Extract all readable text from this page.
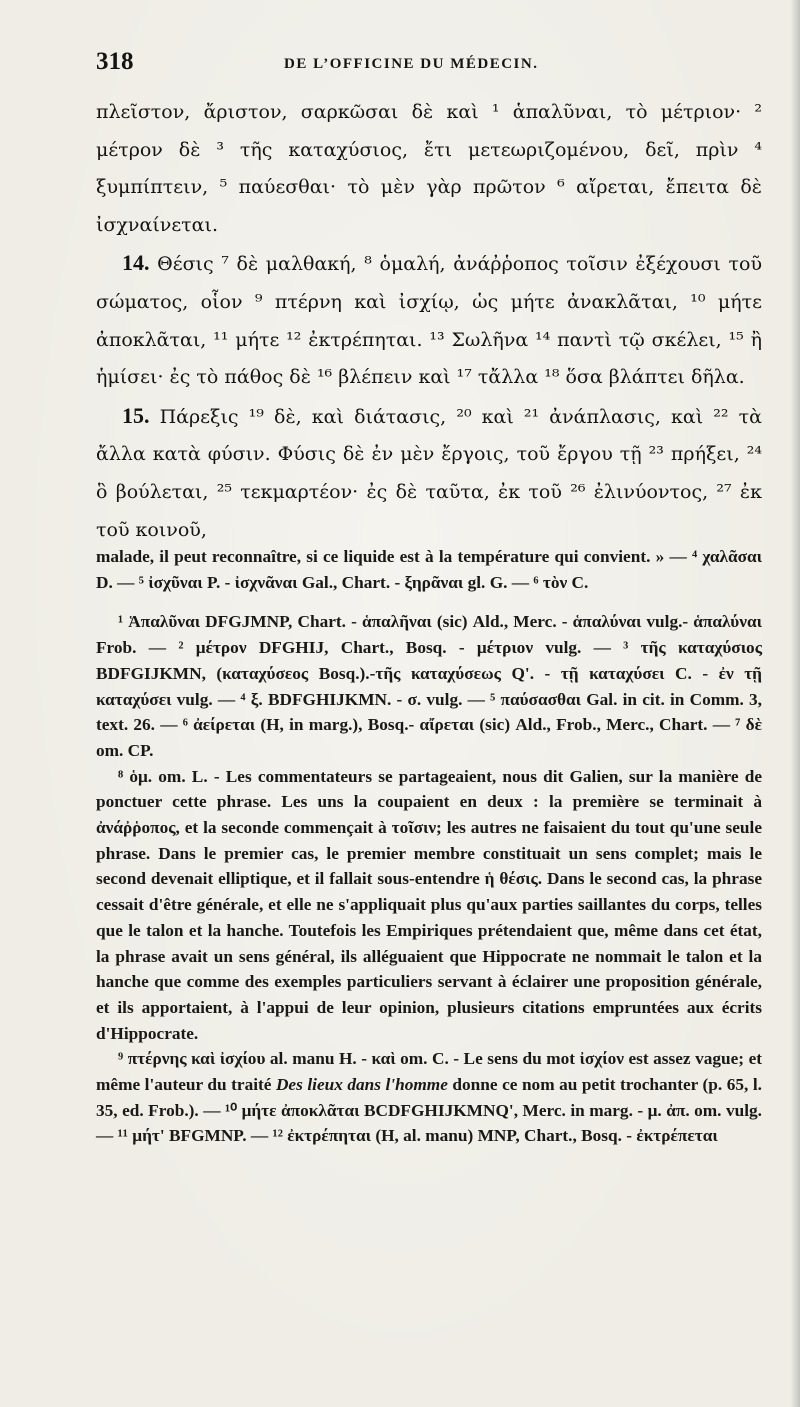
318	DE L’OFFICINE DU MÉDECIN.

πλεῖστον, ἄριστον, σαρκῶσαι δὲ καὶ ¹ ἁπαλῦναι, τὸ μέτριον· ² μέτρον δὲ ³ τῆς καταχύσιος, ἔτι μετεωριζομένου, δεῖ, πρὶν ⁴ ξυμπίπτειν, ⁵ παύεσθαι· τὸ μὲν γὰρ πρῶτον ⁶ αἴρεται, ἔπειτα δὲ ἰσχναίνεται.

14. Θέσις ⁷ δὲ μαλθακή, ⁸ ὁμαλή, ἀνάῤῥοπος τοῖσιν ἐξέχουσι τοῦ σώματος, οἷον ⁹ πτέρνη καὶ ἰσχίῳ, ὡς μήτε ἀνακλᾶται, ¹⁰ μήτε ἀποκλᾶται, ¹¹ μήτε ¹² ἐκτρέπηται. ¹³ Σωλῆνα ¹⁴ παντὶ τῷ σκέλει, ¹⁵ ἢ ἡμίσει· ἐς τὸ πάθος δὲ ¹⁶ βλέπειν καὶ ¹⁷ τἄλλα ¹⁸ ὅσα βλάπτει δῆλα.

15. Πάρεξις ¹⁹ δὲ, καὶ διάτασις, ²⁰ καὶ ²¹ ἀνάπλασις, καὶ ²² τὰ ἄλλα κατὰ φύσιν. Φύσις δὲ ἐν μὲν ἔργοις, τοῦ ἔργου τῇ ²³ πρήξει, ²⁴ ὃ βούλεται, ²⁵ τεκμαρτέον· ἐς δὲ ταῦτα, ἐκ τοῦ ²⁶ ἐλινύοντος, ²⁷ ἐκ τοῦ κοινοῦ,

malade, il peut reconnaître, si ce liquide est à la température qui convient. » — ⁴ χαλᾶσαι D. — ⁵ ἰσχῦναι P. - ἰσχνᾶναι Gal., Chart. - ξηρᾶναι gl. G. — ⁶ τὸν C.

¹ Ἁπαλῦναι DFGJMNP, Chart. - ἁπαλῆναι (sic) Ald., Merc. - ἁπαλύναι vulg.- ἁπαλύναι Frob. — ² μέτρον DFGHIJ, Chart., Bosq. - μέτριον vulg. — ³ τῆς καταχύσιος BDFGIJKMN, (καταχύσεος Bosq.).-τῆς καταχύσεως Q'. - τῇ καταχύσει C. - ἐν τῇ καταχύσει vulg. — ⁴ ξ. BDFGHIJKMN. - σ. vulg. — ⁵ παύσασθαι Gal. in cit. in Comm. 3, text. 26. — ⁶ ἀείρεται (H, in marg.), Bosq.- αἴρεται (sic) Ald., Frob., Merc., Chart. — ⁷ δὲ om. CP.

⁸ ὁμ. om. L. - Les commentateurs se partageaient, nous dit Galien, sur la manière de ponctuer cette phrase. Les uns la coupaient en deux : la première se terminait à ἀνάῤῥοπος, et la seconde commençait à τοῖσιν; les autres ne faisaient du tout qu'une seule phrase. Dans le premier cas, le premier membre constituait un sens complet; mais le second devenait elliptique, et il fallait sous-entendre ἡ θέσις. Dans le second cas, la phrase cessait d'être générale, et elle ne s'appliquait plus qu'aux parties saillantes du corps, telles que le talon et la hanche. Toutefois les Empiriques prétendaient que, même dans cet état, la phrase avait un sens général, ils alléguaient que Hippocrate ne nommait le talon et la hanche que comme des exemples particuliers servant à éclairer une proposition générale, et ils apportaient, à l'appui de leur opinion, plusieurs citations empruntées aux écrits d'Hippocrate.

⁹ πτέρνης καὶ ἰσχίου al. manu H. - καὶ om. C. - Le sens du mot ἰσχίον est assez vague; et même l'auteur du traité Des lieux dans l'homme donne ce nom au petit trochanter (p. 65, l. 35, ed. Frob.). — ¹⁰ μήτε ἀποκλᾶται BCDFGHIJKMNQ', Merc. in marg. - μ. ἀπ. om. vulg. — ¹¹ μήτ' BFGMNP. — ¹² ἐκτρέπηται (H, al. manu) MNP, Chart., Bosq. - ἐκτρέπεται
